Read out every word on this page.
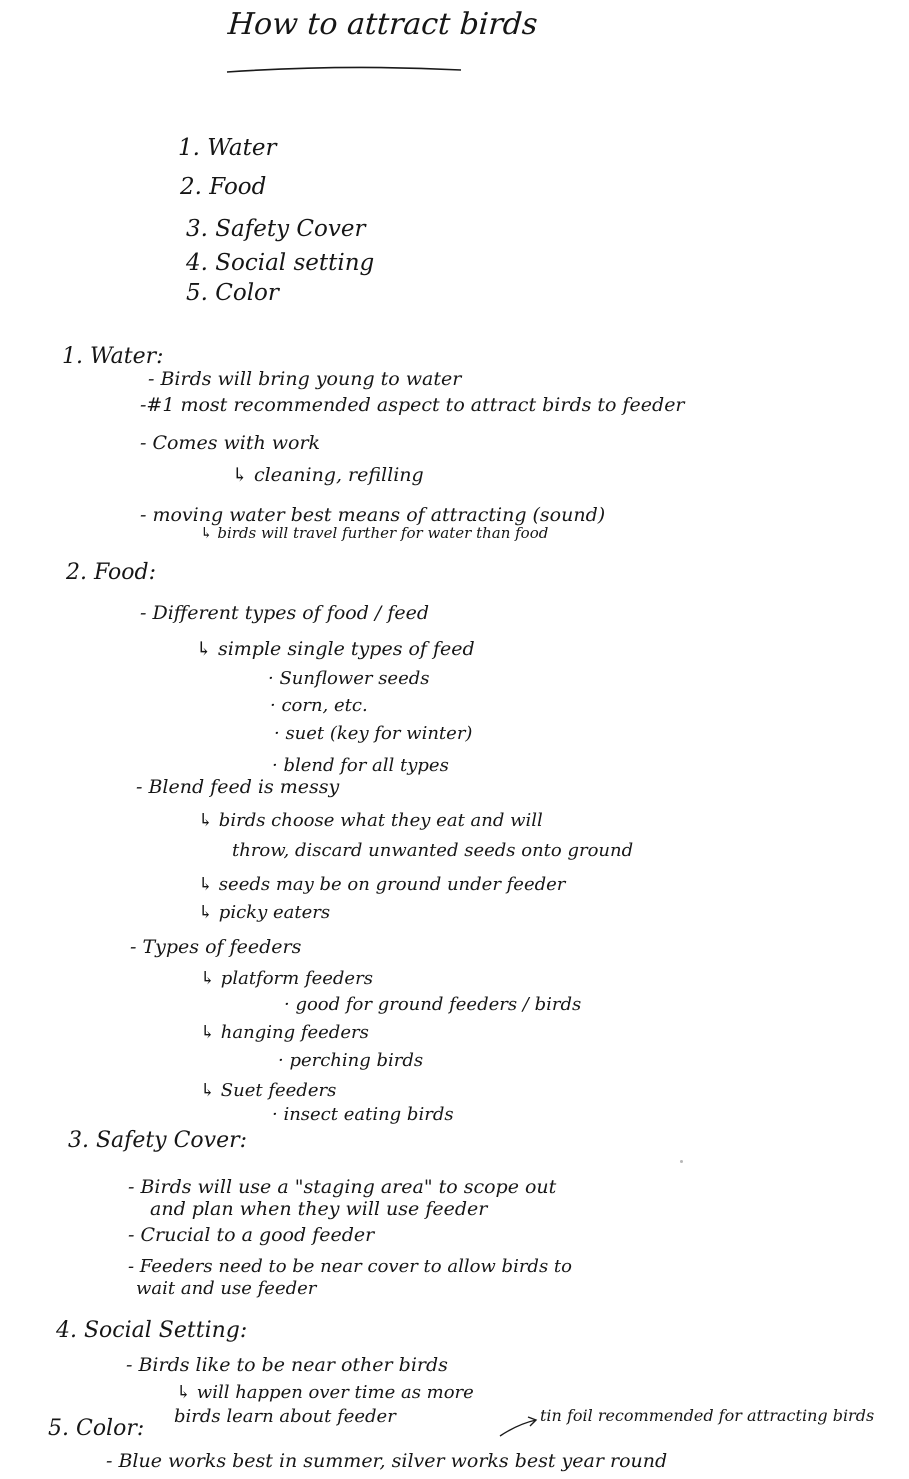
How to attract birds
1. Water
2. Food
3. Safety Cover
4. Social setting
5. Color
1. Water:
- Birds will bring young to water
-#1 most recommended aspect to attract birds to feeder
- Comes with work
↳ cleaning, refilling
- moving water best means of attracting (sound)
↳ birds will travel further for water than food
2. Food:
- Different types of food / feed
↳ simple single types of feed
· Sunflower seeds
· corn, etc.
· suet (key for winter)
· blend for all types
- Blend feed is messy
↳ birds choose what they eat and will
throw, discard unwanted seeds onto ground
↳ seeds may be on ground under feeder
↳ picky eaters
- Types of feeders
↳ platform feeders
· good for ground feeders / birds
↳ hanging feeders
· perching birds
↳ Suet feeders
· insect eating birds
3. Safety Cover:
- Birds will use a "staging area" to scope out
and plan when they will use feeder
- Crucial to a good feeder
- Feeders need to be near cover to allow birds to
wait and use feeder
4. Social Setting:
- Birds like to be near other birds
↳ will happen over time as more
birds learn about feeder
5. Color:
tin foil recommended for attracting birds
- Blue works best in summer, silver works best year round
